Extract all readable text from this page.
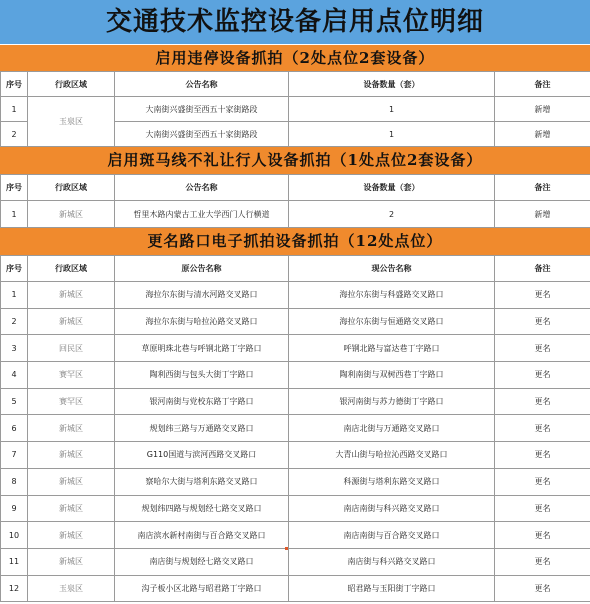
交通技术监控设备启用点位明细
启用违停设备抓拍（2处点位2套设备）
序号	行政区域	公告名称	设备数量（套）	备注
1	玉泉区	大南街兴盛街至西五十家街路段	1	新增
2		大南街兴盛街至西五十家街路段	1	新增
启用斑马线不礼让行人设备抓拍（1处点位2套设备）
序号	行政区域	公告名称	设备数量（套）	备注
1	新城区	哲里木路内蒙古工业大学西门人行横道	2	新增
更名路口电子抓拍设备抓拍（12处点位）
序号	行政区域	原公告名称	现公告名称	备注
1	新城区	海拉尔东街与清水河路交叉路口	海拉尔东街与科盛路交叉路口	更名
2	新城区	海拉尔东街与哈拉沁路交叉路口	海拉尔东街与恒通路交叉路口	更名
3	回民区	草原明珠北巷与呼钢北路丁字路口	呼钢北路与富达巷丁字路口	更名
4	赛罕区	陶利西街与包头大街丁字路口	陶利南街与双树西巷丁字路口	更名
5	赛罕区	银河南街与党校东路丁字路口	银河南街与苏力德街丁字路口	更名
6	新城区	规划纬三路与万通路交叉路口	南店北街与万通路交叉路口	更名
7	新城区	G110国道与滨河西路交叉路口	大青山街与哈拉沁西路交叉路口	更名
8	新城区	察哈尔大街与塔利东路交叉路口	科源街与塔利东路交叉路口	更名
9	新城区	规划纬四路与规划经七路交叉路口	南店南街与科兴路交叉路口	更名
10	新城区	南店滨水新村南街与百合路交叉路口	南店南街与百合路交叉路口	更名
11	新城区	南店街与规划经七路交叉路口	南店街与科兴路交叉路口	更名
12	玉泉区	沟子板小区北路与昭君路丁字路口	昭君路与玉阳街丁字路口	更名
